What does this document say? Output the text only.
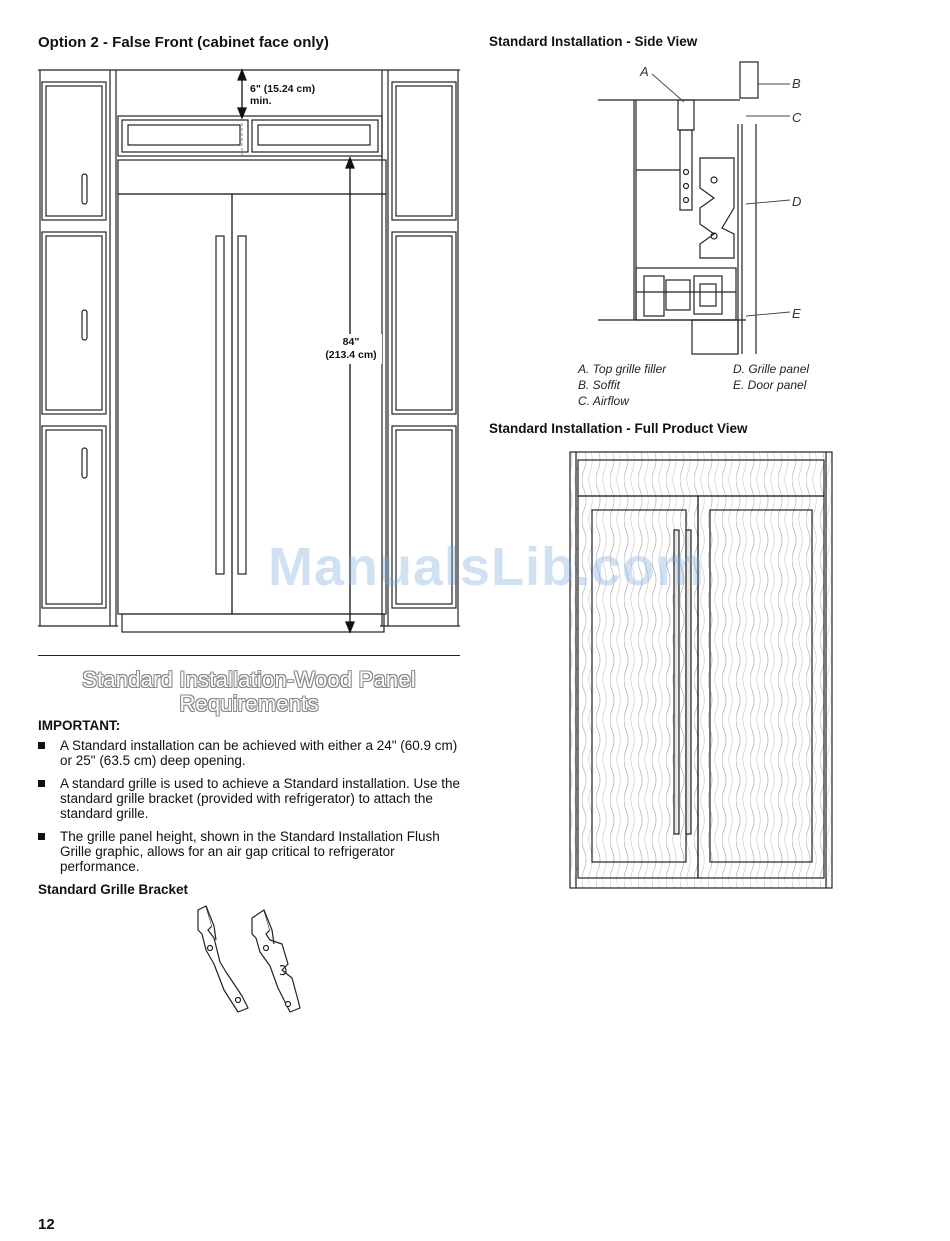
Option 2 - False Front (cabinet face only)
6" (15.24 cm)
min.
84"
(213.4 cm)
Standard Installation-Wood Panel
Requirements
IMPORTANT:
A Standard installation can be achieved with either a 24" (60.9 cm) or 25" (63.5 cm) deep opening.
A standard grille is used to achieve a Standard installation. Use the standard grille bracket (provided with refrigerator) to attach the standard grille.
The grille panel height, shown in the Standard Installation Flush Grille graphic, allows for an air gap critical to refrigerator performance.
Standard Grille Bracket
12
Standard Installation - Side View
A
B
C
D
E
A. Top grille filler
B. Soffit
C. Airflow
D. Grille panel
E. Door panel
Standard Installation - Full Product View
ManualsLib.com
